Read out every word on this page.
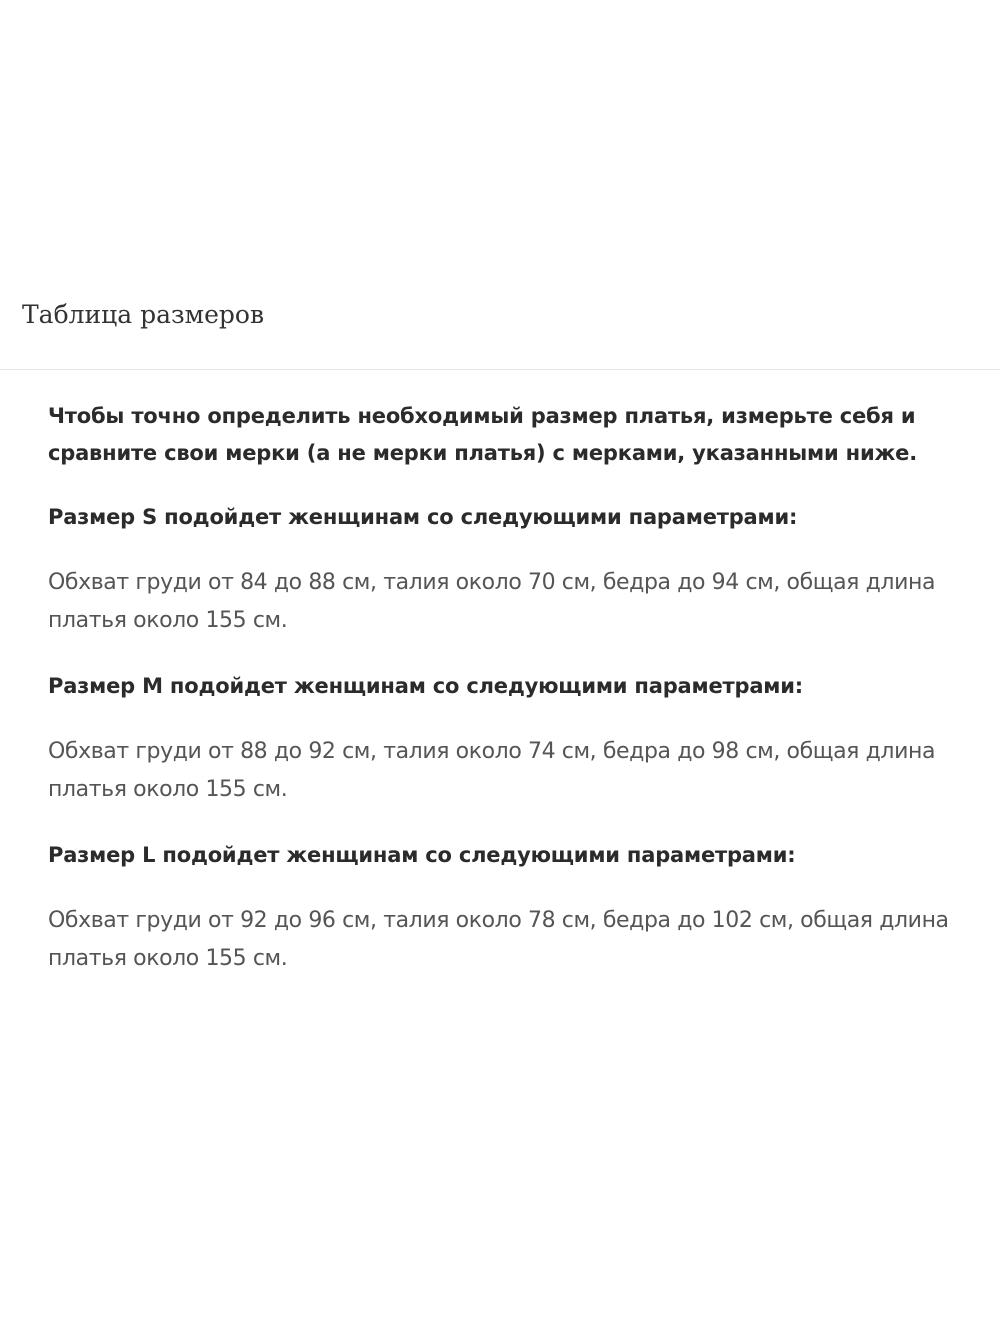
Таблица размеров

Чтобы точно определить необходимый размер платья, измерьте себя и сравните свои мерки (а не мерки платья) с мерками, указанными ниже.

Размер S подойдет женщинам со следующими параметрами:

Обхват груди от 84 до 88 см, талия около 70 см, бедра до 94 см, общая длина платья около 155 см.

Размер M подойдет женщинам со следующими параметрами:

Обхват груди от 88 до 92 см, талия около 74 см, бедра до 98 см, общая длина платья около 155 см.

Размер L подойдет женщинам со следующими параметрами:

Обхват груди от 92 до 96 см, талия около 78 см, бедра до 102 см, общая длина платья около 155 см.
